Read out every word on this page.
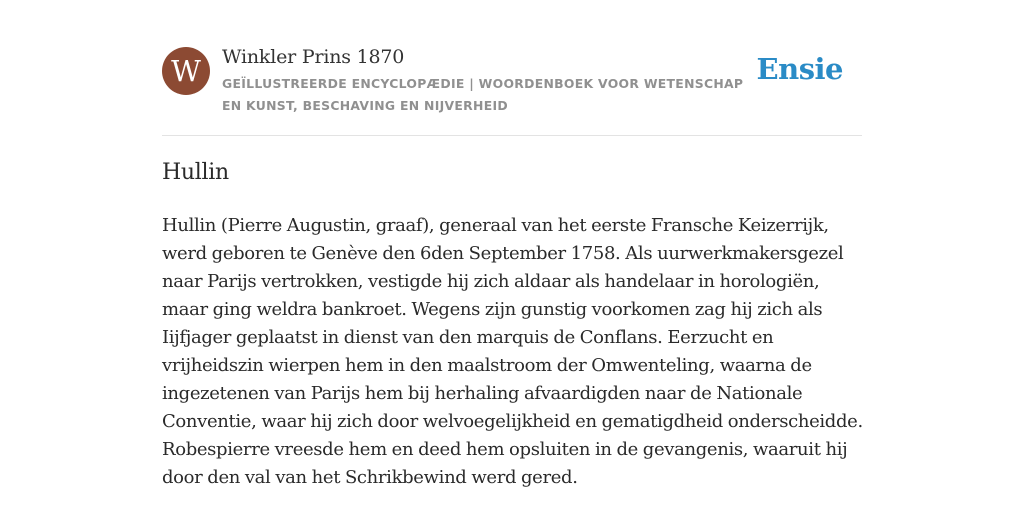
W	Winkler Prins 1870
GEÏLLUSTREERDE ENCYCLOPÆDIE | WOORDENBOEK VOOR WETENSCHAP EN KUNST, BESCHAVING EN NIJVERHEID
Ensie
Hullin

Hullin (Pierre Augustin, graaf), generaal van het eerste Fransche Keizerrijk, werd geboren te Genève den 6den September 1758. Als uurwerkmakersgezel naar Parijs vertrokken, vestigde hij zich aldaar als handelaar in horologiën, maar ging weldra bankroet. Wegens zijn gunstig voorkomen zag hij zich als Iijfjager geplaatst in dienst van den marquis de Conflans. Eerzucht en vrijheidszin wierpen hem in den maalstroom der Omwenteling, waarna de ingezetenen van Parijs hem bij herhaling afvaardigden naar de Nationale Conventie, waar hij zich door welvoegelijkheid en gematigdheid onderscheidde. Robespierre vreesde hem en deed hem opsluiten in de gevangenis, waaruit hij door den val van het Schrikbewind werd gered.
